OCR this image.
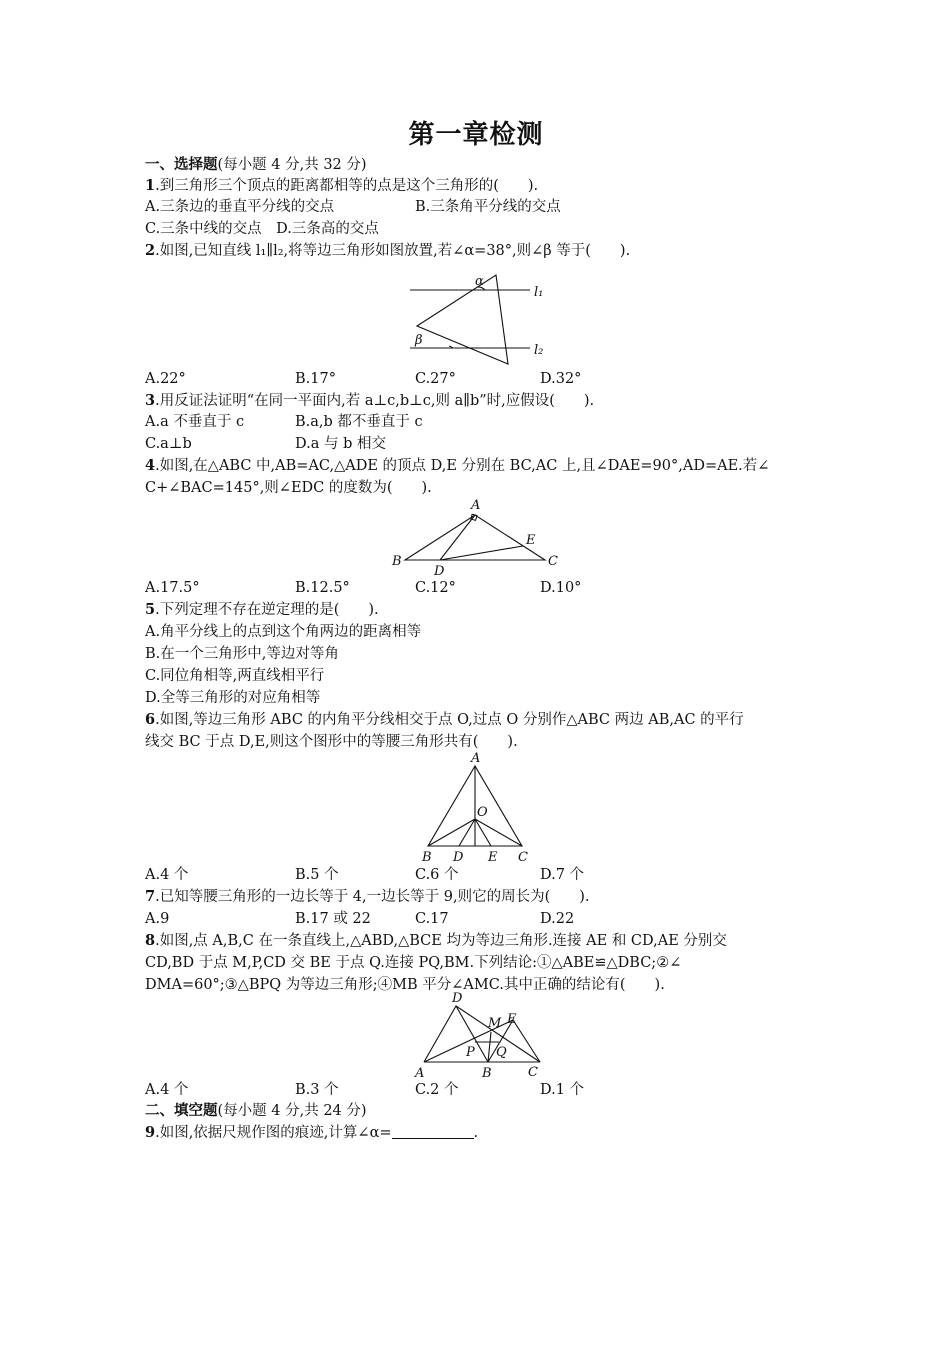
第一章检测
一、选择题(每小题 4 分,共 32 分)
1.到三角形三个顶点的距离都相等的点是这个三角形的(　　).
A.三条边的垂直平分线的交点	B.三条角平分线的交点
C.三条中线的交点　D.三条高的交点
2.如图,已知直线 l₁∥l₂,将等边三角形如图放置,若∠α=38°,则∠β 等于(　　).
α
β
l₁
l₂
A.22°	B.17°	C.27°	D.32°
3.用反证法证明“在同一平面内,若 a⊥c,b⊥c,则 a∥b”时,应假设(　　).
A.a 不垂直于 c	B.a,b 都不垂直于 c
C.a⊥b	D.a 与 b 相交
4.如图,在△ABC 中,AB=AC,△ADE 的顶点 D,E 分别在 BC,AC 上,且∠DAE=90°,AD=AE.若∠
C+∠BAC=145°,则∠EDC 的度数为(　　).
A
B	C
D
E
A.17.5°	B.12.5°	C.12°	D.10°
5.下列定理不存在逆定理的是(　　).
A.角平分线上的点到这个角两边的距离相等
B.在一个三角形中,等边对等角
C.同位角相等,两直线相平行
D.全等三角形的对应角相等
6.如图,等边三角形 ABC 的内角平分线相交于点 O,过点 O 分别作△ABC 两边 AB,AC 的平行
线交 BC 于点 D,E,则这个图形中的等腰三角形共有(　　).
A
O
B D E C
A.4 个	B.5 个	C.6 个	D.7 个
7.已知等腰三角形的一边长等于 4,一边长等于 9,则它的周长为(　　).
A.9	B.17 或 22	C.17	D.22
8.如图,点 A,B,C 在一条直线上,△ABD,△BCE 均为等边三角形.连接 AE 和 CD,AE 分别交
CD,BD 于点 M,P,CD 交 BE 于点 Q.连接 PQ,BM.下列结论:①△ABE≌△DBC;②∠
DMA=60°;③△BPQ 为等边三角形;④MB 平分∠AMC.其中正确的结论有(　　).
D
M E
P Q
A	B	C
A.4 个	B.3 个	C.2 个	D.1 个
二、填空题(每小题 4 分,共 24 分)
9.如图,依据尺规作图的痕迹,计算∠α=	.
